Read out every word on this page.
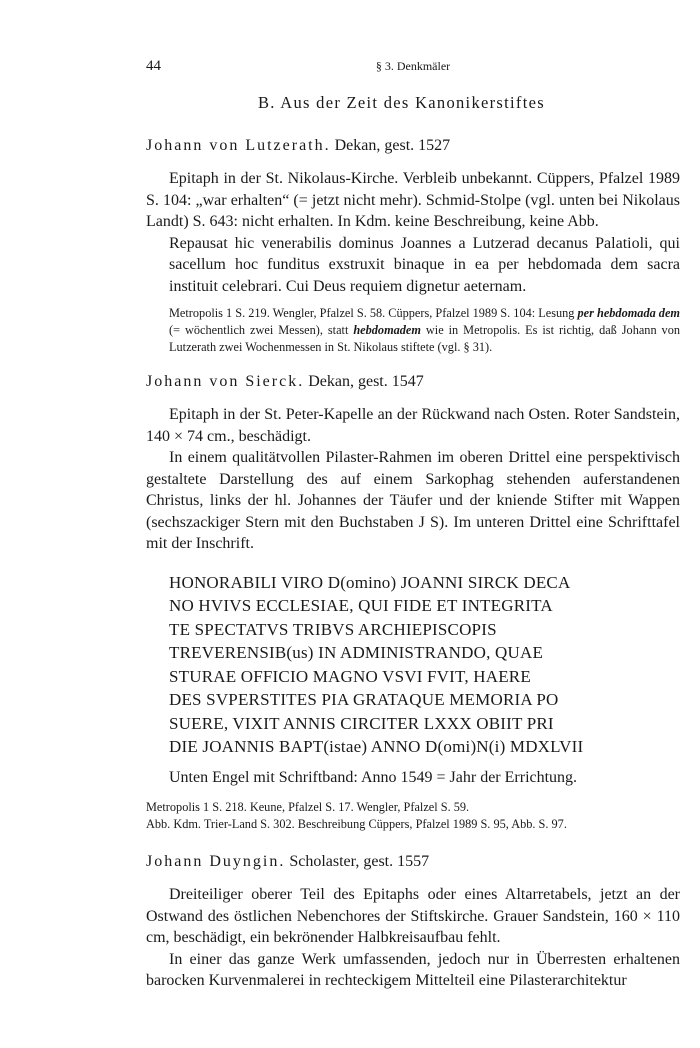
44	§ 3. Denkmäler
B. Aus der Zeit des Kanonikerstiftes
Johann von Lutzerath. Dekan, gest. 1527

Epitaph in der St. Nikolaus-Kirche. Verbleib unbekannt. Cüppers, Pfalzel 1989 S. 104: „war erhalten“ (= jetzt nicht mehr). Schmid-Stolpe (vgl. unten bei Nikolaus Landt) S. 643: nicht erhalten. In Kdm. keine Beschreibung, keine Abb.

Repausat hic venerabilis dominus Joannes a Lutzerad decanus Palatioli, qui sacellum hoc funditus exstruxit binaque in ea per hebdomada dem sacra instituit celebrari. Cui Deus requiem dignetur aeternam.

Metropolis 1 S. 219. Wengler, Pfalzel S. 58. Cüppers, Pfalzel 1989 S. 104: Lesung per hebdomada dem (= wöchentlich zwei Messen), statt hebdomadem wie in Metropolis. Es ist richtig, daß Johann von Lutzerath zwei Wochenmessen in St. Nikolaus stiftete (vgl. § 31).

Johann von Sierck. Dekan, gest. 1547

Epitaph in der St. Peter-Kapelle an der Rückwand nach Osten. Roter Sandstein, 140 × 74 cm., beschädigt.

In einem qualitätvollen Pilaster-Rahmen im oberen Drittel eine perspektivisch gestaltete Darstellung des auf einem Sarkophag stehenden auferstandenen Christus, links der hl. Johannes der Täufer und der kniende Stifter mit Wappen (sechszackiger Stern mit den Buchstaben J S). Im unteren Drittel eine Schrifttafel mit der Inschrift.

HONORABILI VIRO D(omino) JOANNI SIRCK DECA
NO HVIVS ECCLESIAE, QUI FIDE ET INTEGRITA
TE SPECTATVS TRIBVS ARCHIEPISCOPIS
TREVERENSIB(us) IN ADMINISTRANDO, QUAE
STURAE OFFICIO MAGNO VSVI FVIT, HAERE
DES SVPERSTITES PIA GRATAQUE MEMORIA PO
SUERE, VIXIT ANNIS CIRCITER LXXX OBIIT PRI
DIE JOANNIS BAPT(istae) ANNO D(omi)N(i) MDXLVII

Unten Engel mit Schriftband: Anno 1549 = Jahr der Errichtung.

Metropolis 1 S. 218. Keune, Pfalzel S. 17. Wengler, Pfalzel S. 59.

Abb. Kdm. Trier-Land S. 302. Beschreibung Cüppers, Pfalzel 1989 S. 95, Abb. S. 97.

Johann Duyngin. Scholaster, gest. 1557

Dreiteiliger oberer Teil des Epitaphs oder eines Altarretabels, jetzt an der Ostwand des östlichen Nebenchores der Stiftskirche. Grauer Sandstein, 160 × 110 cm, beschädigt, ein bekrönender Halbkreisaufbau fehlt.

In einer das ganze Werk umfassenden, jedoch nur in Überresten erhaltenen barocken Kurvenmalerei in rechteckigem Mittelteil eine Pilasterarchitektur
